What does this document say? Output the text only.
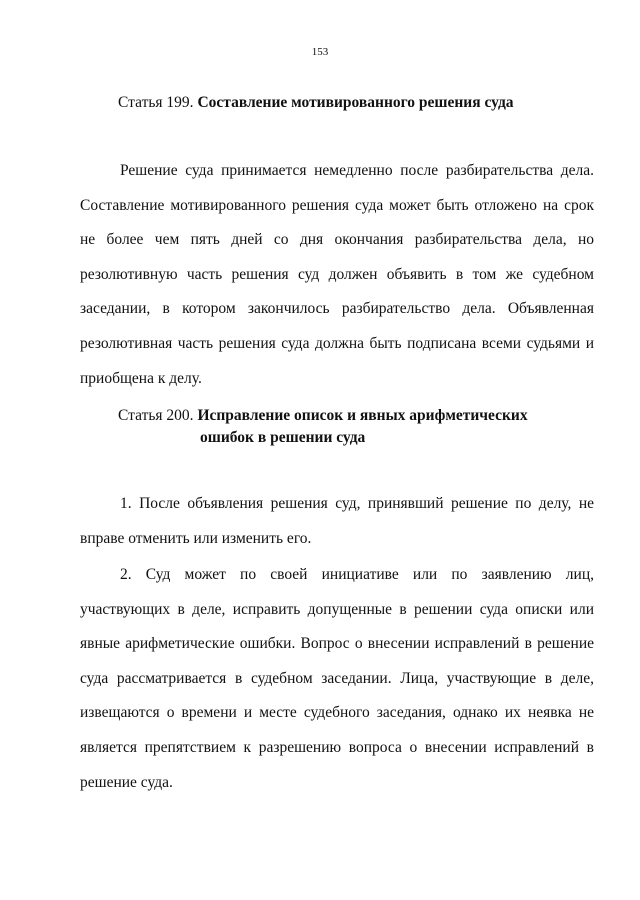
153
Статья 199. Составление мотивированного решения суда

Решение суда принимается немедленно после разбирательства дела. Составление мотивированного решения суда может быть отложено на срок не более чем пять дней со дня окончания разбирательства дела, но резолютивную часть решения суд должен объявить в том же судебном заседании, в котором закончилось разбирательство дела. Объявленная резолютивная часть решения суда должна быть подписана всеми судьями и приобщена к делу.

Статья 200. Исправление описок и явных арифметических
ошибок в решении суда

1. После объявления решения суд, принявший решение по делу, не вправе отменить или изменить его.

2. Суд может по своей инициативе или по заявлению лиц, участвующих в деле, исправить допущенные в решении суда описки или явные арифметические ошибки. Вопрос о внесении исправлений в решение суда рассматривается в судебном заседании. Лица, участвующие в деле, извещаются о времени и месте судебного заседания, однако их неявка не является препятствием к разрешению вопроса о внесении исправлений в решение суда.
